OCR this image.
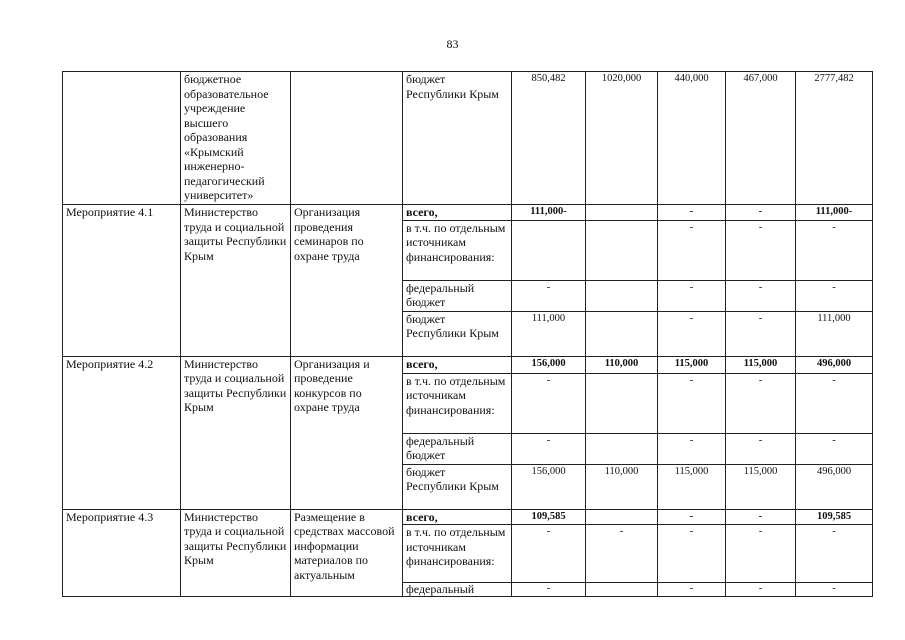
83
	бюджетное образовательное учреждение высшего образования «Крымский инженерно-педагогический университет»		бюджет Республики Крым	850,482	1020,000	440,000	467,000	2777,482
Мероприятие 4.1	Министерство труда и социальной защиты Республики Крым	Организация проведения семинаров по охране труда	всего,	111,000-		-	-	111,000-
			в т.ч. по отдельным источникам финансирования:			-	-	-
			федеральный бюджет	-		-	-	-
			бюджет Республики Крым	111,000		-	-	111,000
Мероприятие 4.2	Министерство труда и социальной защиты Республики Крым	Организация и проведение конкурсов по охране труда	всего,	156,000	110,000	115,000	115,000	496,000
			в т.ч. по отдельным источникам финансирования:	-		-	-	-
			федеральный бюджет	-		-	-	-
			бюджет Республики Крым	156,000	110,000	115,000	115,000	496,000
Мероприятие 4.3	Министерство труда и социальной защиты Республики Крым	Размещение в средствах массовой информации материалов по актуальным	всего,	109,585		-	-	109,585
			в т.ч. по отдельным источникам финансирования:	-	-	-	-	-
			федеральный	-		-	-	-
